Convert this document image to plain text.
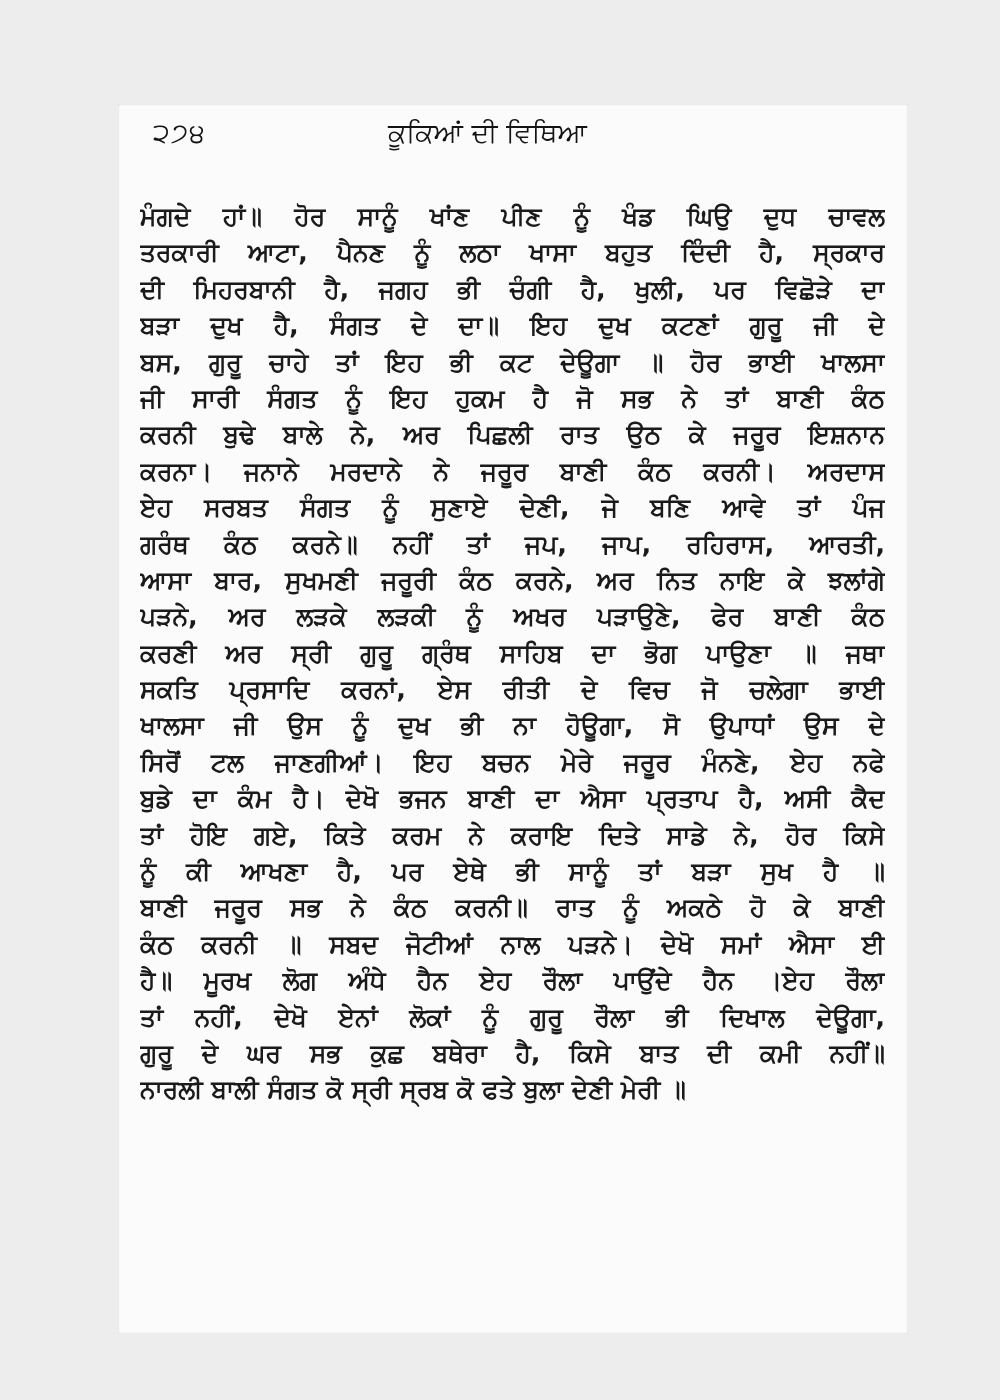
੨੭੪	ਕੂਕਿਆਂ ਦੀ ਵਿਥਿਆ
ਮੰਗਦੇ ਹਾਂ॥ ਹੋਰ ਸਾਨੂੰ ਖਾਂਣ ਪੀਣ ਨੂੰ ਖੰਡ ਘਿਉ ਦੁਧ ਚਾਵਲ
ਤਰਕਾਰੀ ਆਟਾ, ਪੈਨਣ ਨੂੰ ਲਠਾ ਖਾਸਾ ਬਹੁਤ ਦਿੰਦੀ ਹੈ, ਸ੍ਰਕਾਰ
ਦੀ ਮਿਹਰਬਾਨੀ ਹੈ, ਜਗਹ ਭੀ ਚੰਗੀ ਹੈ, ਖੁਲੀ, ਪਰ ਵਿਛੋੜੇ ਦਾ
ਬੜਾ ਦੁਖ ਹੈ, ਸੰਗਤ ਦੇ ਦਾ॥ ਇਹ ਦੁਖ ਕਟਣਾਂ ਗੁਰੂ ਜੀ ਦੇ
ਬਸ, ਗੁਰੂ ਚਾਹੇ ਤਾਂ ਇਹ ਭੀ ਕਟ ਦੇਊਗਾ ॥ ਹੋਰ ਭਾਈ ਖਾਲਸਾ
ਜੀ ਸਾਰੀ ਸੰਗਤ ਨੂੰ ਇਹ ਹੁਕਮ ਹੈ ਜੋ ਸਭ ਨੇ ਤਾਂ ਬਾਣੀ ਕੰਠ
ਕਰਨੀ ਬੁਢੇ ਬਾਲੇ ਨੇ, ਅਰ ਪਿਛਲੀ ਰਾਤ ਉਠ ਕੇ ਜਰੂਰ ਇਸ਼ਨਾਨ
ਕਰਨਾ। ਜਨਾਨੇ ਮਰਦਾਨੇ ਨੇ ਜਰੂਰ ਬਾਣੀ ਕੰਠ ਕਰਨੀ। ਅਰਦਾਸ
ਏਹ ਸਰਬਤ ਸੰਗਤ ਨੂੰ ਸੁਣਾਏ ਦੇਣੀ, ਜੇ ਬਣਿ ਆਵੇ ਤਾਂ ਪੰਜ
ਗਰੰਥ ਕੰਠ ਕਰਨੇ॥ ਨਹੀਂ ਤਾਂ ਜਪ, ਜਾਪ, ਰਹਿਰਾਸ, ਆਰਤੀ,
ਆਸਾ ਬਾਰ, ਸੁਖਮਣੀ ਜਰੂਰੀ ਕੰਠ ਕਰਨੇ, ਅਰ ਨਿਤ ਨਾਇ ਕੇ ਝਲਾਂਗੇ
ਪੜਨੇ, ਅਰ ਲੜਕੇ ਲੜਕੀ ਨੂੰ ਅਖਰ ਪੜਾਉਣੇ, ਫੇਰ ਬਾਣੀ ਕੰਠ
ਕਰਣੀ ਅਰ ਸ੍ਰੀ ਗੁਰੂ ਗ੍ਰੰਥ ਸਾਹਿਬ ਦਾ ਭੋਗ ਪਾਉਣਾ ॥ ਜਥਾ
ਸਕਤਿ ਪ੍ਰਸਾਦਿ ਕਰਨਾਂ, ਏਸ ਰੀਤੀ ਦੇ ਵਿਚ ਜੋ ਚਲੇਗਾ ਭਾਈ
ਖਾਲਸਾ ਜੀ ਉਸ ਨੂੰ ਦੁਖ ਭੀ ਨਾ ਹੋਊਗਾ, ਸੋ ਉਪਾਧਾਂ ਉਸ ਦੇ
ਸਿਰੋਂ ਟਲ ਜਾਣਗੀਆਂ। ਇਹ ਬਚਨ ਮੇਰੇ ਜਰੂਰ ਮੰਨਣੇ, ਏਹ ਨਫੇ
ਬੁਡੇ ਦਾ ਕੰਮ ਹੈ। ਦੇਖੋ ਭਜਨ ਬਾਣੀ ਦਾ ਐਸਾ ਪ੍ਰਤਾਪ ਹੈ, ਅਸੀ ਕੈਦ
ਤਾਂ ਹੋਇ ਗਏ, ਕਿਤੇ ਕਰਮ ਨੇ ਕਰਾਇ ਦਿਤੇ ਸਾਡੇ ਨੇ, ਹੋਰ ਕਿਸੇ
ਨੂੰ ਕੀ ਆਖਣਾ ਹੈ, ਪਰ ਏਥੇ ਭੀ ਸਾਨੂੰ ਤਾਂ ਬੜਾ ਸੁਖ ਹੈ ॥
ਬਾਣੀ ਜਰੂਰ ਸਭ ਨੇ ਕੰਠ ਕਰਨੀ॥ ਰਾਤ ਨੂੰ ਅਕਠੇ ਹੋ ਕੇ ਬਾਣੀ
ਕੰਠ ਕਰਨੀ ॥ ਸਬਦ ਜੋਟੀਆਂ ਨਾਲ ਪੜਨੇ। ਦੇਖੋ ਸਮਾਂ ਐਸਾ ਈ
ਹੈ॥ ਮੂਰਖ ਲੋਗ ਅੰਧੇ ਹੈਨ ਏਹ ਰੌਲਾ ਪਾਉਂਦੇ ਹੈਨ ।ਏਹ ਰੌਲਾ
ਤਾਂ ਨਹੀਂ, ਦੇਖੋ ਏਨਾਂ ਲੋਕਾਂ ਨੂੰ ਗੁਰੂ ਰੌਲਾ ਭੀ ਦਿਖਾਲ ਦੇਊਗਾ,
ਗੁਰੂ ਦੇ ਘਰ ਸਭ ਕੁਛ ਬਥੇਰਾ ਹੈ, ਕਿਸੇ ਬਾਤ ਦੀ ਕਮੀ ਨਹੀਂ॥
ਨਾਰਲੀ ਬਾਲੀ ਸੰਗਤ ਕੋ ਸ੍ਰੀ ਸ੍ਰਬ ਕੋ ਫਤੇ ਬੁਲਾ ਦੇਣੀ ਮੇਰੀ ॥
